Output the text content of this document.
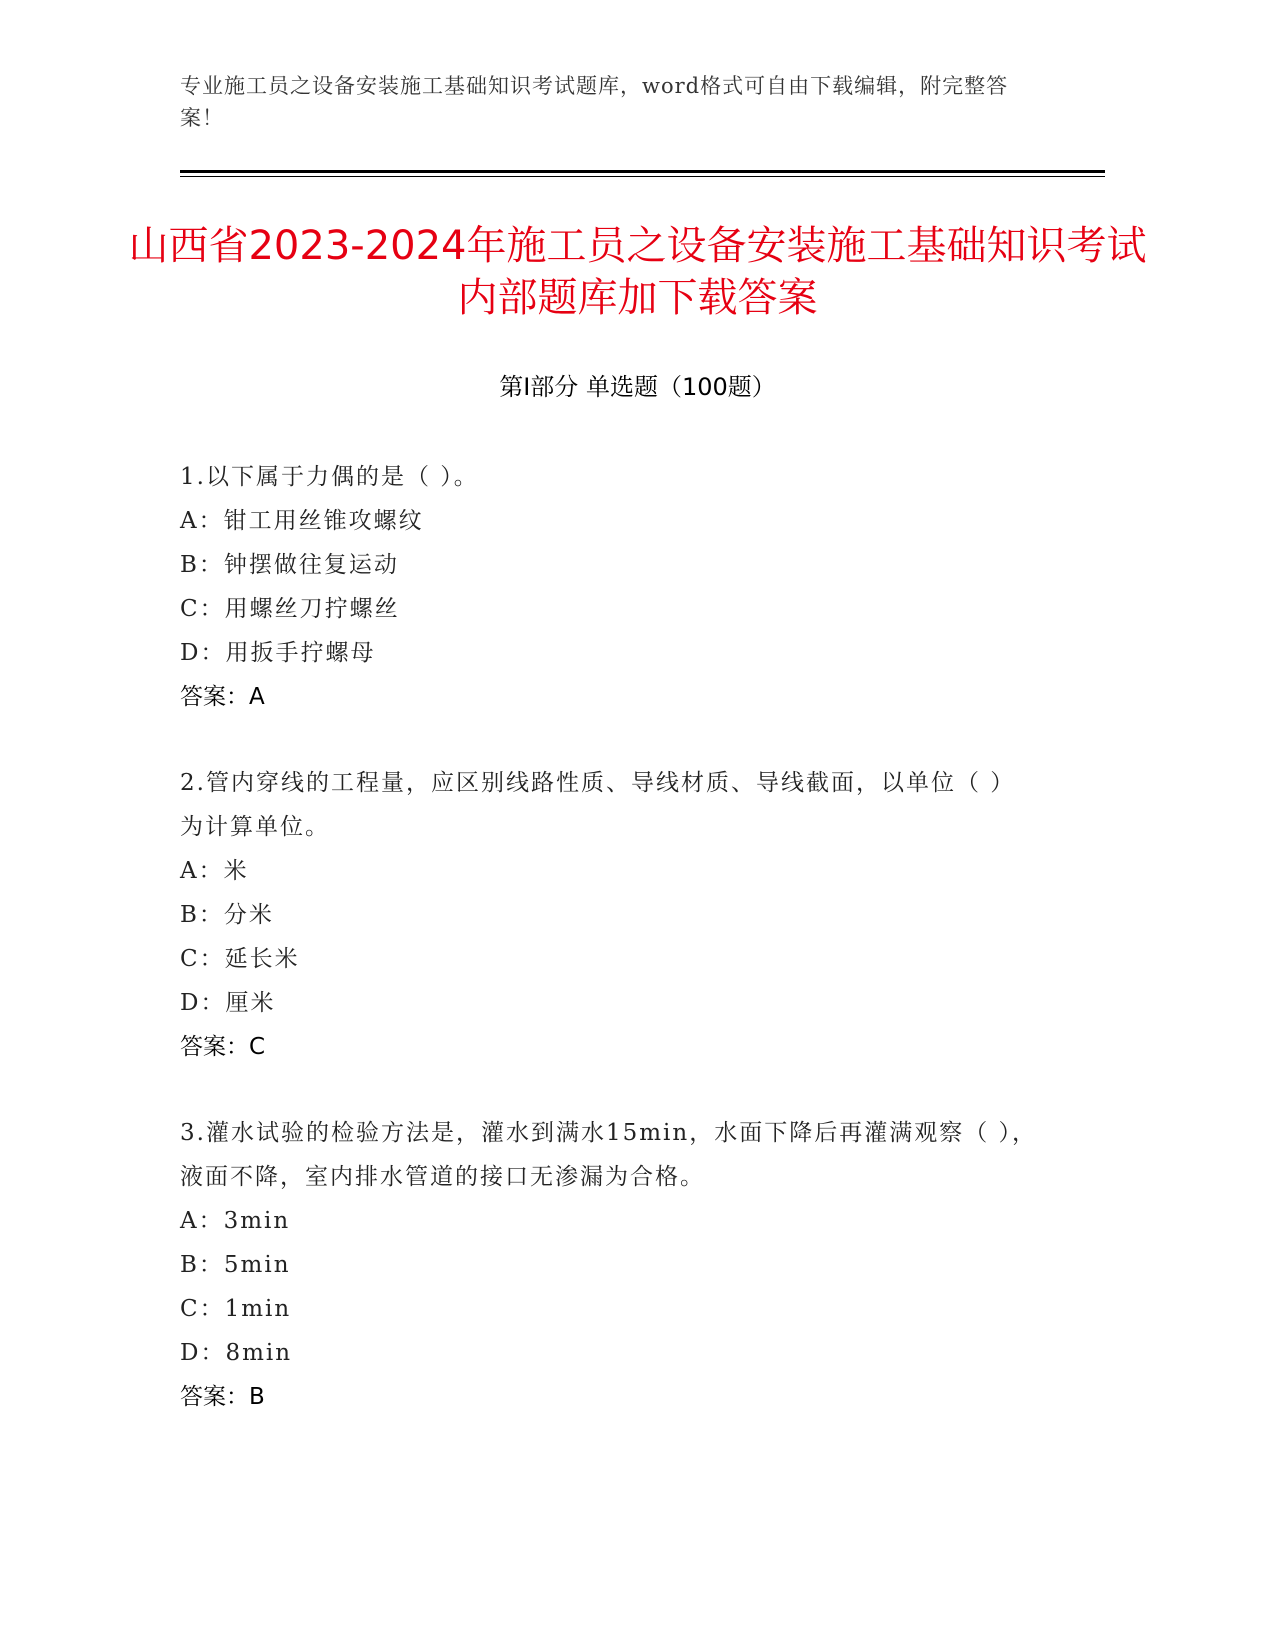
专业施工员之设备安装施工基础知识考试题库，word格式可自由下载编辑，附完整答案！
山西省2023-2024年施工员之设备安装施工基础知识考试内部题库加下载答案
第Ⅰ部分 单选题（100题）
1.以下属于力偶的是（ ）。
A：钳工用丝锥攻螺纹
B：钟摆做往复运动
C：用螺丝刀拧螺丝
D：用扳手拧螺母
答案：A
2.管内穿线的工程量，应区别线路性质、导线材质、导线截面，以单位（ ）为计算单位。
A：米
B：分米
C：延长米
D：厘米
答案：C
3.灌水试验的检验方法是，灌水到满水15min，水面下降后再灌满观察（ ），液面不降，室内排水管道的接口无渗漏为合格。
A：3min
B：5min
C：1min
D：8min
答案：B
